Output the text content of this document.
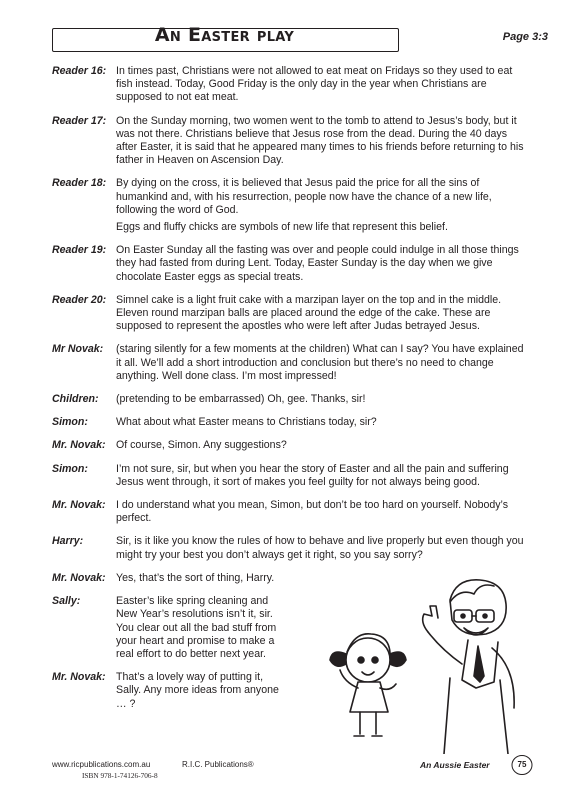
An Easter play	Page 3:3
Reader 16: In times past, Christians were not allowed to eat meat on Fridays so they used to eat fish instead. Today, Good Friday is the only day in the year when Christians are supposed to not eat meat.

Reader 17: On the Sunday morning, two women went to the tomb to attend to Jesus’s body, but it was not there. Christians believe that Jesus rose from the dead. During the 40 days after Easter, it is said that he appeared many times to his friends before returning to his father in Heaven on Ascension Day.

Reader 18: By dying on the cross, it is believed that Jesus paid the price for all the sins of humankind and, with his resurrection, people now have the chance of a new life, following the word of God.

Eggs and fluffy chicks are symbols of new life that represent this belief.

Reader 19: On Easter Sunday all the fasting was over and people could indulge in all those things they had fasted from during Lent. Today, Easter Sunday is the day when we give chocolate Easter eggs as special treats.

Reader 20: Simnel cake is a light fruit cake with a marzipan layer on the top and in the middle. Eleven round marzipan balls are placed around the edge of the cake. These are supposed to represent the apostles who were left after Judas betrayed Jesus.

Mr Novak:	(staring silently for a few moments at the children) What can I say? You have explained it all. We’ll add a short introduction and conclusion but there’s no need to change anything. Well done class. I’m most impressed!

Children:	(pretending to be embarrassed) Oh, gee. Thanks, sir!

Simon:	What about what Easter means to Christians today, sir?

Mr. Novak: Of course, Simon. Any suggestions?

Simon:	I’m not sure, sir, but when you hear the story of Easter and all the pain and suffering Jesus went through, it sort of makes you feel guilty for not always being good.

Mr. Novak: I do understand what you mean, Simon, but don’t be too hard on yourself. Nobody’s perfect.

Harry:	Sir, is it like you know the rules of how to behave and live properly but even though you might try your best you don’t always get it right, so you say sorry?

Mr. Novak: Yes, that’s the sort of thing, Harry.

Sally:	Easter’s like spring cleaning and New Year’s resolutions isn’t it, sir. You clear out all the bad stuff from your heart and promise to make a real effort to do better next year.

Mr. Novak: That’s a lovely way of putting it, Sally. Any more ideas from anyone … ?

www.ricpublications.com.au	R.I.C. Publications®
ISBN 978-1-74126-706-8
An Aussie Easter	75
